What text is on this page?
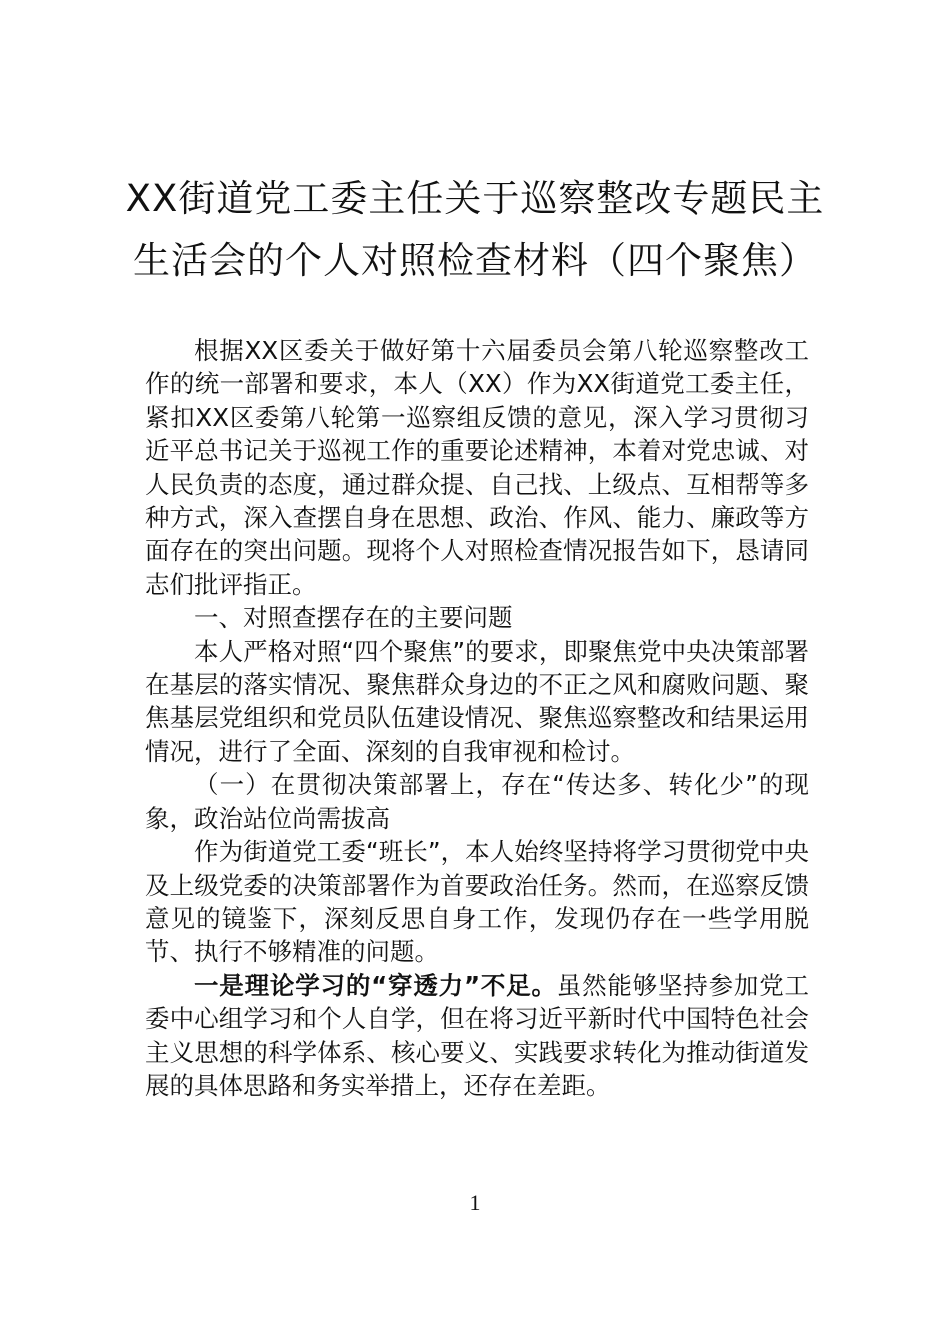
XX街道党工委主任关于巡察整改专题民主生活会的个人对照检查材料（四个聚焦）

根据XX区委关于做好第十六届委员会第八轮巡察整改工作的统一部署和要求，本人（XX）作为XX街道党工委主任，紧扣XX区委第八轮第一巡察组反馈的意见，深入学习贯彻习近平总书记关于巡视工作的重要论述精神，本着对党忠诚、对人民负责的态度，通过群众提、自己找、上级点、互相帮等多种方式，深入查摆自身在思想、政治、作风、能力、廉政等方面存在的突出问题。现将个人对照检查情况报告如下，恳请同志们批评指正。

一、对照查摆存在的主要问题

本人严格对照“四个聚焦”的要求，即聚焦党中央决策部署在基层的落实情况、聚焦群众身边的不正之风和腐败问题、聚焦基层党组织和党员队伍建设情况、聚焦巡察整改和结果运用情况，进行了全面、深刻的自我审视和检讨。

（一）在贯彻决策部署上，存在“传达多、转化少”的现象，政治站位尚需拔高

作为街道党工委“班长”，本人始终坚持将学习贯彻党中央及上级党委的决策部署作为首要政治任务。然而，在巡察反馈意见的镜鉴下，深刻反思自身工作，发现仍存在一些学用脱节、执行不够精准的问题。

一是理论学习的“穿透力”不足。虽然能够坚持参加党工委中心组学习和个人自学，但在将习近平新时代中国特色社会主义思想的科学体系、核心要义、实践要求转化为推动街道发展的具体思路和务实举措上，还存在差距。

1
